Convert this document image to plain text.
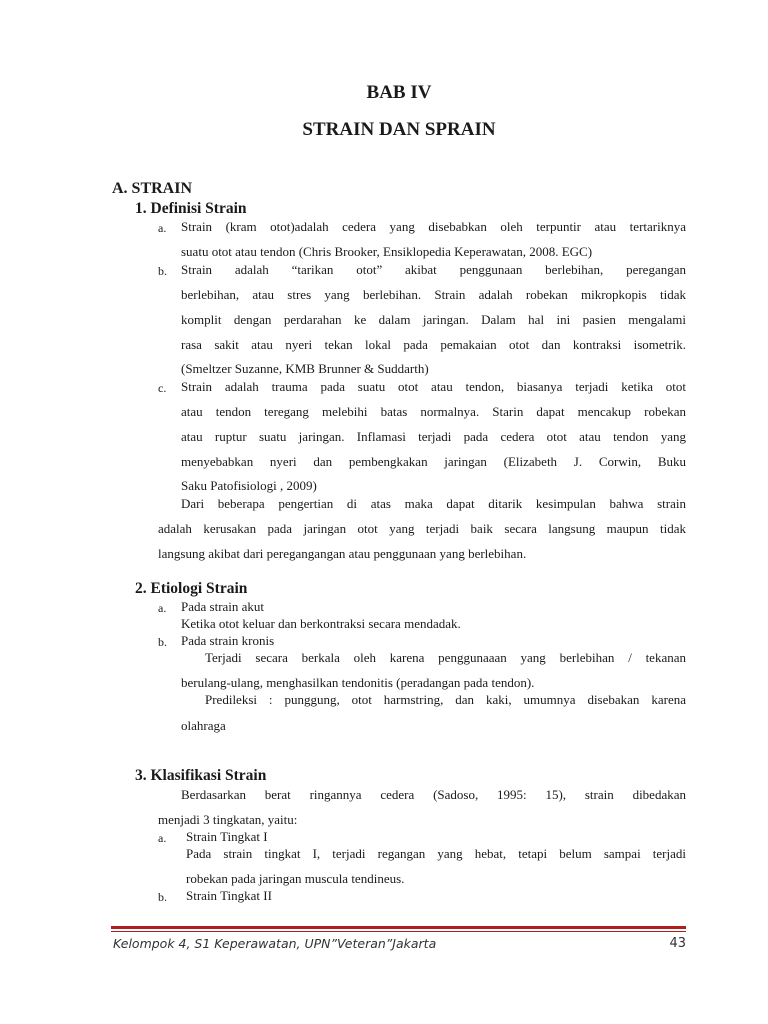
BAB IV
STRAIN DAN SPRAIN
A. STRAIN
1. Definisi Strain
a. Strain (kram otot)adalah cedera yang disebabkan oleh terpuntir atau tertariknya
suatu otot atau tendon (Chris Brooker, Ensiklopedia Keperawatan, 2008. EGC)
b. Strain adalah “tarikan otot” akibat penggunaan berlebihan, peregangan
berlebihan, atau stres yang berlebihan. Strain adalah robekan mikropkopis tidak
komplit dengan perdarahan ke dalam jaringan. Dalam hal ini pasien mengalami
rasa sakit atau nyeri tekan lokal pada pemakaian otot dan kontraksi isometrik.
(Smeltzer Suzanne, KMB Brunner & Suddarth)
c. Strain adalah trauma pada suatu otot atau tendon, biasanya terjadi ketika otot
atau tendon teregang melebihi batas normalnya. Starin dapat mencakup robekan
atau ruptur suatu jaringan. Inflamasi terjadi pada cedera otot atau tendon yang
menyebabkan nyeri dan pembengkakan jaringan (Elizabeth J. Corwin, Buku
Saku Patofisiologi , 2009)
Dari beberapa pengertian di atas maka dapat ditarik kesimpulan bahwa strain
adalah kerusakan pada jaringan otot yang terjadi baik secara langsung maupun tidak
langsung akibat dari peregangangan atau penggunaan yang berlebihan.
2. Etiologi Strain
a. Pada strain akut
Ketika otot keluar dan berkontraksi secara mendadak.
b. Pada strain kronis
Terjadi secara berkala oleh karena penggunaaan yang berlebihan / tekanan
berulang-ulang, menghasilkan tendonitis (peradangan pada tendon).
Predileksi : punggung, otot harmstring, dan kaki, umumnya disebakan karena
olahraga
3. Klasifikasi Strain
Berdasarkan berat ringannya cedera (Sadoso, 1995: 15), strain dibedakan
menjadi 3 tingkatan, yaitu:
a. Strain Tingkat I
Pada strain tingkat I, terjadi regangan yang hebat, tetapi belum sampai terjadi
robekan pada jaringan muscula tendineus.
b. Strain Tingkat II
Kelompok 4, S1 Keperawatan, UPN”Veteran”Jakarta	43
